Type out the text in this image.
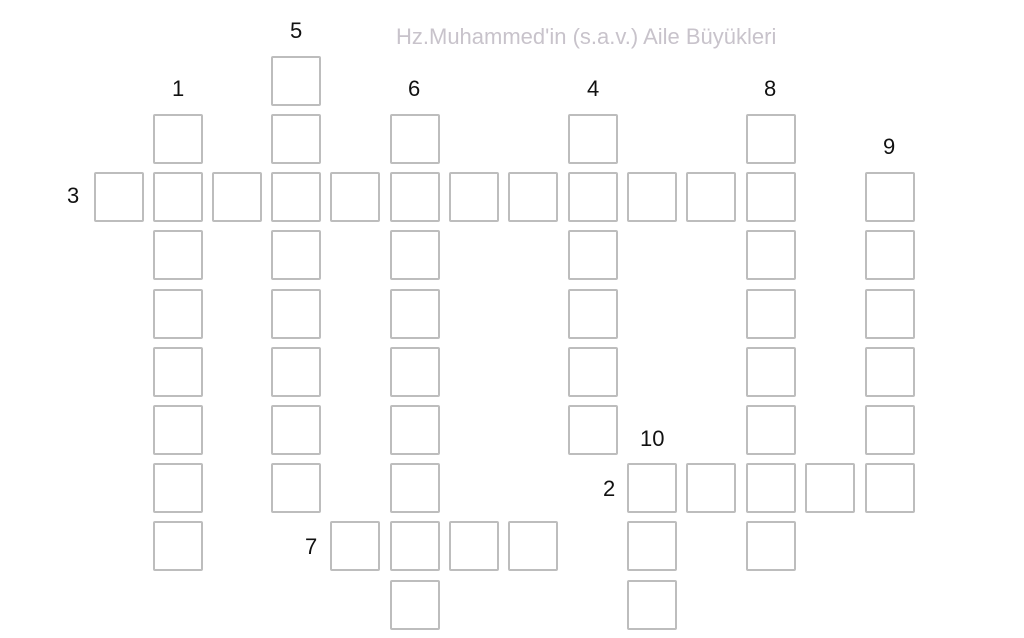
Hz.Muhammed'in (s.a.v.) Aile Büyükleri
1
5
6	4	8
9
3
10
2
7
